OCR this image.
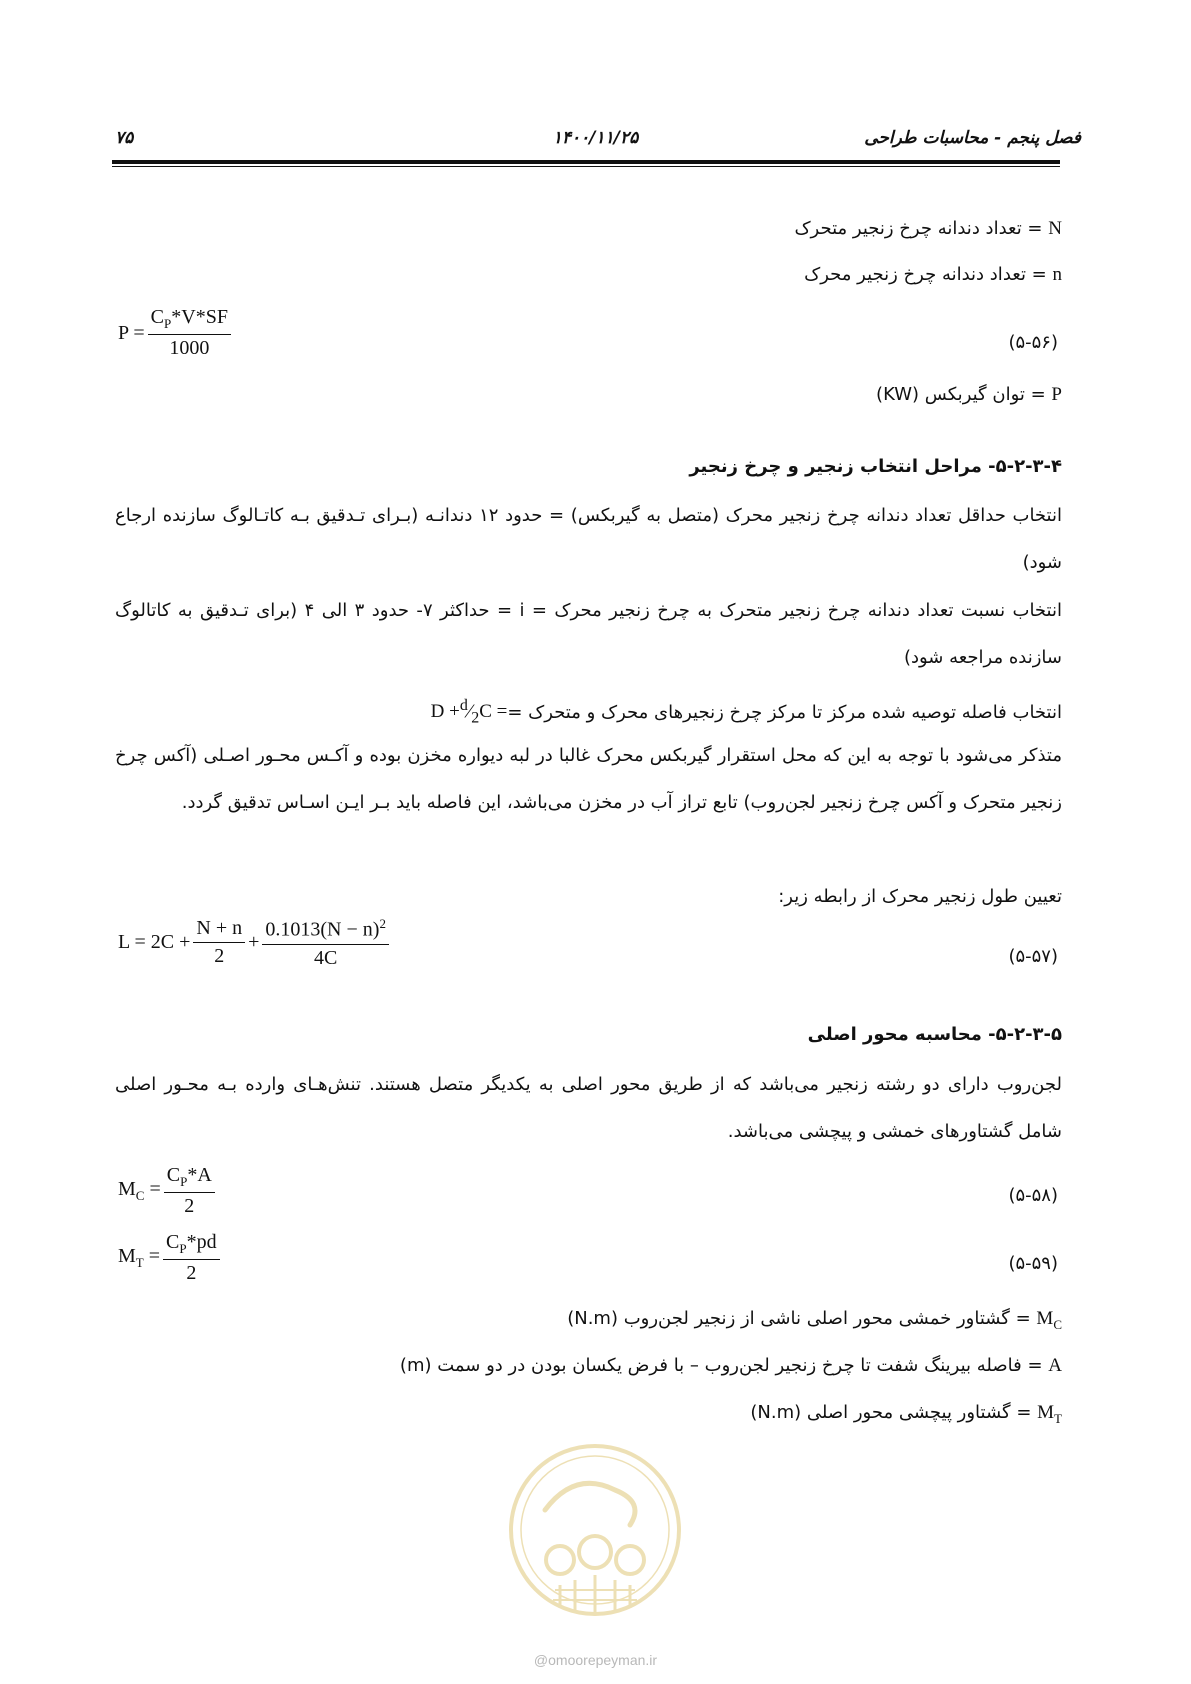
فصل پنجم - محاسبات طراحی
۱۴۰۰/۱۱/۲۵
۷۵
N = تعداد دندانه چرخ زنجیر متحرک
n = تعداد دندانه چرخ زنجیر محرک
$P = \frac{C_P*V*SF}{1000}$	(۵-۵۶)
P = توان گیربکس (KW)
۵-۲-۳-۴- مراحل انتخاب زنجیر و چرخ زنجیر
انتخاب حداقل تعداد دندانه چرخ زنجیر محرک (متصل به گیربکس) = حدود ۱۲ دندانـه (بـرای تـدقیق بـه کاتـالوگ سازنده ارجاع شود)
انتخاب نسبت تعداد دندانه چرخ زنجیر متحرک به چرخ زنجیر محرک = i = حداکثر ۷- حدود ۳ الی ۴ (برای تـدقیق به کاتالوگ سازنده مراجعه شود)
انتخاب فاصله توصیه شده مرکز تا مرکز چرخ زنجیرهای محرک و متحرک =
$D + ^d⁄_2$ C =
متذکر می‌شود با توجه به این که محل استقرار گیربکس محرک غالبا در لبه دیواره مخزن بوده و آکـس محـور اصـلی (آکس چرخ زنجیر متحرک و آکس چرخ زنجیر لجن‌روب) تابع تراز آب در مخزن می‌باشد، این فاصله باید بـر ایـن اسـاس تدقیق گردد.
تعیین طول زنجیر محرک از رابطه زیر:
$L = 2C + \frac{N + n}{2} + \frac{0.1013(N - n)^2}{4C}$	(۵-۵۷)
۵-۲-۳-۵- محاسبه محور اصلی
لجن‌روب دارای دو رشته زنجیر می‌باشد که از طریق محور اصلی به یکدیگر متصل هستند. تنش‌هـای وارده بـه محـور اصلی شامل گشتاورهای خمشی و پیچشی می‌باشد.
$M_C = \frac{C_P*A}{2}$	(۵-۵۸)
$M_T = \frac{C_P*pd}{2}$	(۵-۵۹)
$M_C$ = گشتاور خمشی محور اصلی ناشی از زنجیر لجن‌روب (N.m)
A = فاصله بیرینگ شفت تا چرخ زنجیر لجن‌روب – با فرض یکسان بودن در دو سمت (m)
$M_T$ = گشتاور پیچشی محور اصلی (N.m)
@omoorepeyman.ir
